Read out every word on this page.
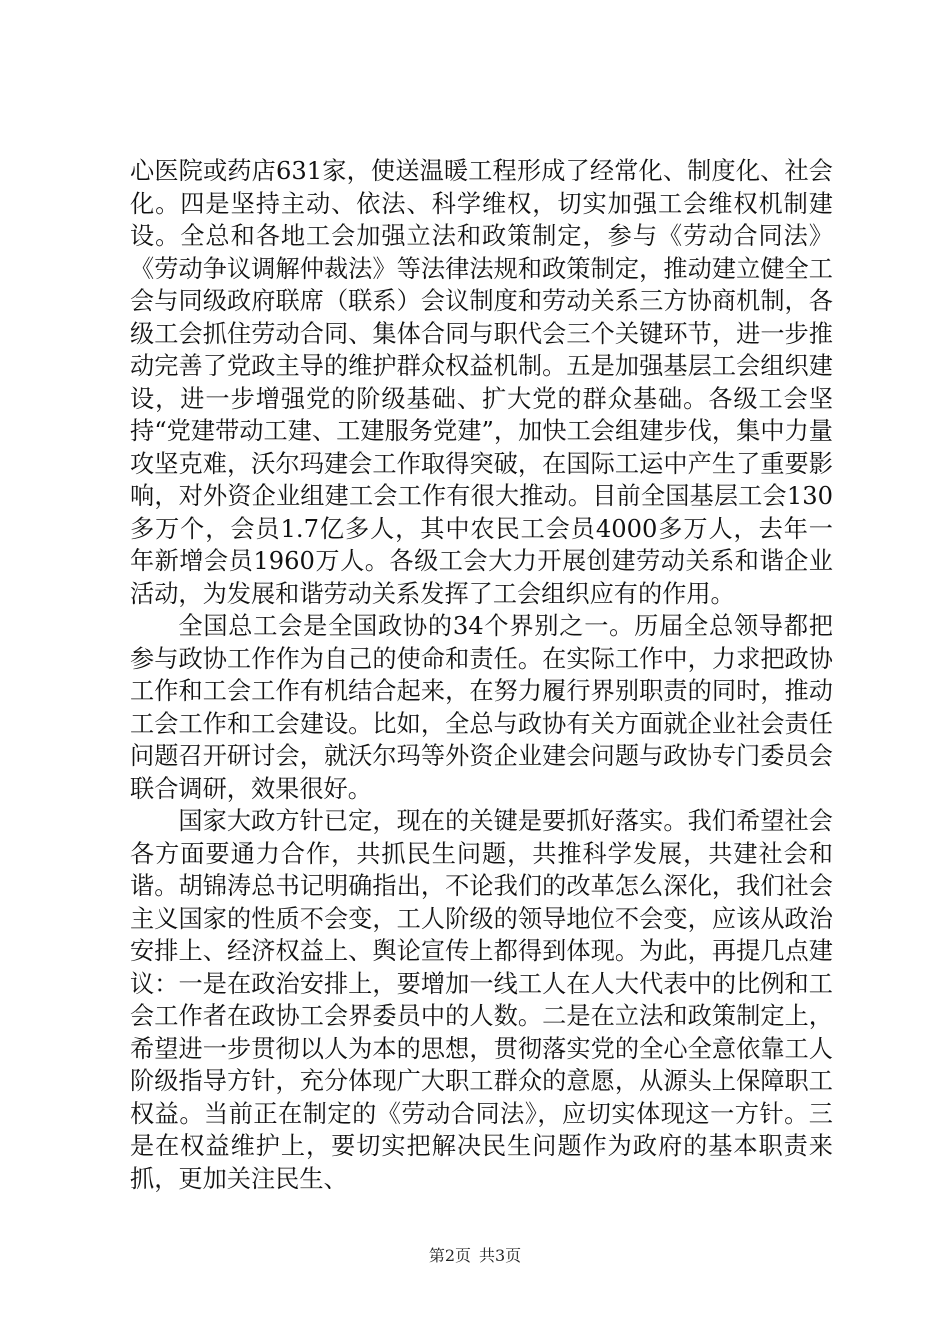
心医院或药店631家，使送温暖工程形成了经常化、制度化、社会化。四是坚持主动、依法、科学维权，切实加强工会维权机制建设。全总和各地工会加强立法和政策制定，参与《劳动合同法》《劳动争议调解仲裁法》等法律法规和政策制定，推动建立健全工会与同级政府联席（联系）会议制度和劳动关系三方协商机制，各级工会抓住劳动合同、集体合同与职代会三个关键环节，进一步推动完善了党政主导的维护群众权益机制。五是加强基层工会组织建设，进一步增强党的阶级基础、扩大党的群众基础。各级工会坚持“党建带动工建、工建服务党建”，加快工会组建步伐，集中力量攻坚克难，沃尔玛建会工作取得突破，在国际工运中产生了重要影响，对外资企业组建工会工作有很大推动。目前全国基层工会130多万个，会员1.7亿多人，其中农民工会员4000多万人，去年一年新增会员1960万人。各级工会大力开展创建劳动关系和谐企业活动，为发展和谐劳动关系发挥了工会组织应有的作用。

全国总工会是全国政协的34个界别之一。历届全总领导都把参与政协工作作为自己的使命和责任。在实际工作中，力求把政协工作和工会工作有机结合起来，在努力履行界别职责的同时，推动工会工作和工会建设。比如，全总与政协有关方面就企业社会责任问题召开研讨会，就沃尔玛等外资企业建会问题与政协专门委员会联合调研，效果很好。

国家大政方针已定，现在的关键是要抓好落实。我们希望社会各方面要通力合作，共抓民生问题，共推科学发展，共建社会和谐。胡锦涛总书记明确指出，不论我们的改革怎么深化，我们社会主义国家的性质不会变，工人阶级的领导地位不会变，应该从政治安排上、经济权益上、舆论宣传上都得到体现。为此，再提几点建议：一是在政治安排上，要增加一线工人在人大代表中的比例和工会工作者在政协工会界委员中的人数。二是在立法和政策制定上，希望进一步贯彻以人为本的思想，贯彻落实党的全心全意依靠工人阶级指导方针，充分体现广大职工群众的意愿，从源头上保障职工权益。当前正在制定的《劳动合同法》，应切实体现这一方针。三是在权益维护上，要切实把解决民生问题作为政府的基本职责来抓，更加关注民生、

第2页 共3页
